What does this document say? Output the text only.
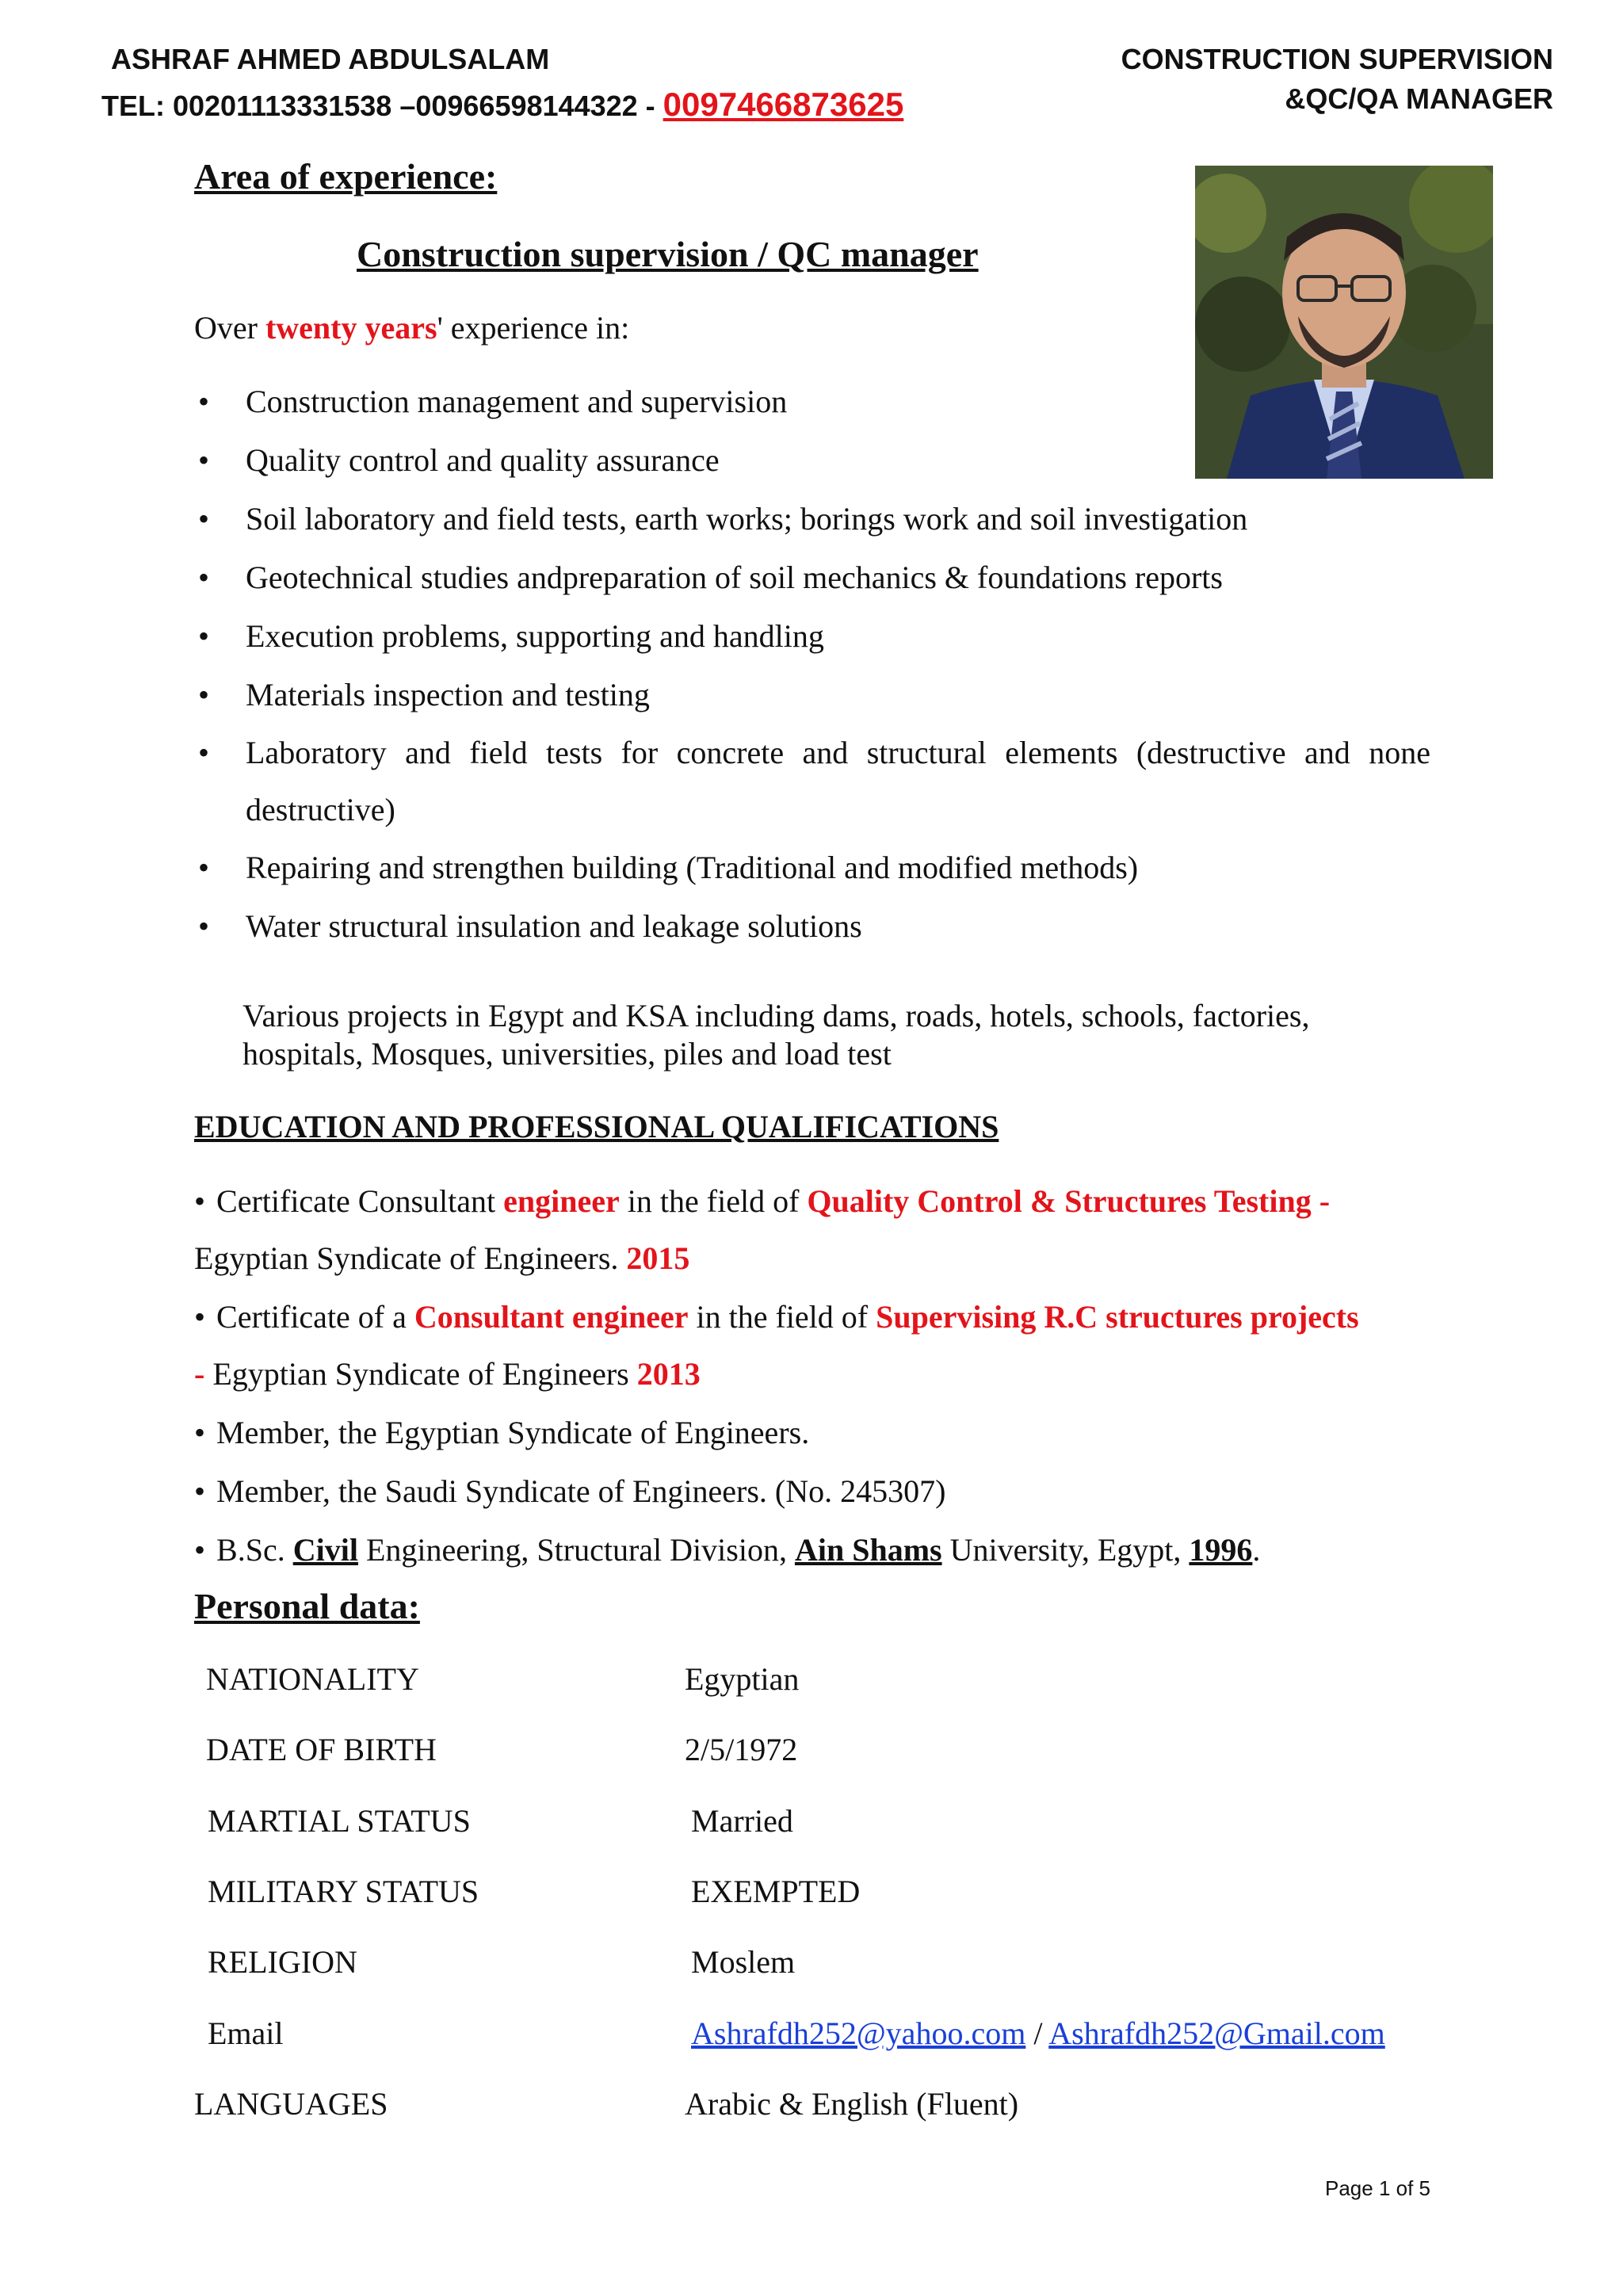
ASHRAF AHMED ABDULSALAM
TEL: 00201113331538 –00966598144322 - 0097466873625
CONSTRUCTION SUPERVISION
&QC/QA MANAGER
Area of experience:
Construction supervision / QC manager
Over twenty years' experience in:
• Construction management and supervision
• Quality control and quality assurance
• Soil laboratory and field tests, earth works; borings work and soil investigation
• Geotechnical studies andpreparation of soil mechanics & foundations reports
• Execution problems, supporting and handling
• Materials inspection and testing
• Laboratory and field tests for concrete and structural elements (destructive and none destructive)
• Repairing and strengthen building (Traditional and modified methods)
• Water structural insulation and leakage solutions
Various projects in Egypt and KSA including dams, roads, hotels, schools, factories,
hospitals, Mosques, universities, piles and load test
EDUCATION AND PROFESSIONAL QUALIFICATIONS
• Certificate Consultant engineer in the field of Quality Control & Structures Testing -
Egyptian Syndicate of Engineers. 2015
• Certificate of a Consultant engineer in the field of Supervising R.C structures projects
- Egyptian Syndicate of Engineers 2013
• Member, the Egyptian Syndicate of Engineers.
• Member, the Saudi Syndicate of Engineers. (No. 245307)
• B.Sc. Civil Engineering, Structural Division, Ain Shams University, Egypt, 1996.
Personal data:
NATIONALITY	Egyptian
DATE OF BIRTH	2/5/1972
MARTIAL STATUS	Married
MILITARY STATUS	EXEMPTED
RELIGION	Moslem
Email	Ashrafdh252@yahoo.com / Ashrafdh252@Gmail.com
LANGUAGES	Arabic & English (Fluent)
Page 1 of 5
